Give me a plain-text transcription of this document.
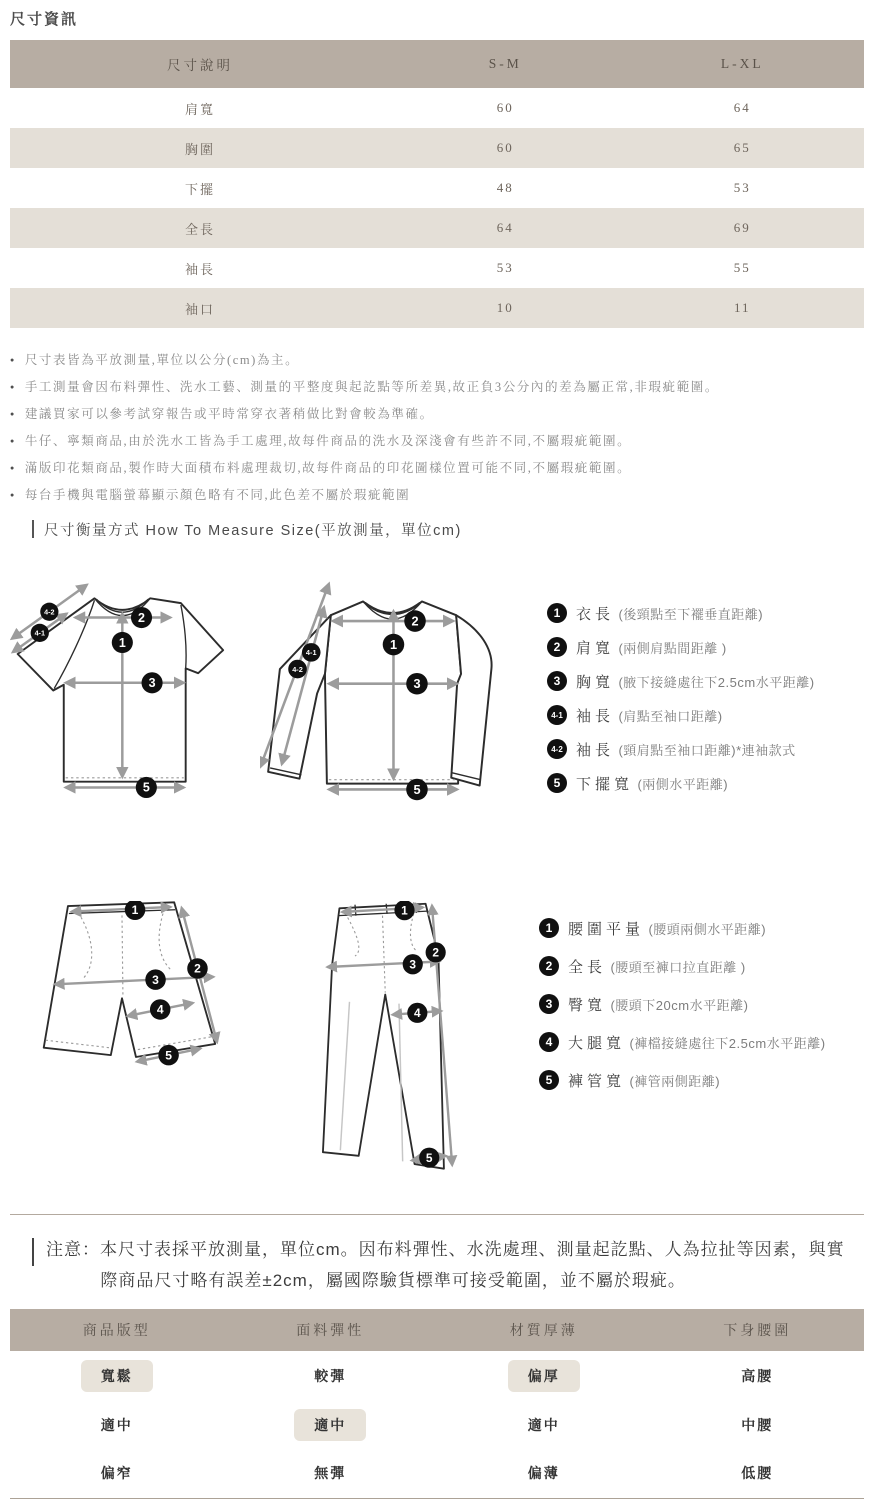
尺寸資訊
尺寸說明	S-M	L-XL
肩寬	60	64
胸圍	60	65
下擺	48	53
全長	64	69
袖長	53	55
袖口	10	11
● 尺寸表皆為平放測量,單位以公分(cm)為主。
● 手工測量會因布料彈性、洗水工藝、測量的平整度與起訖點等所差異,故正負3公分內的差為屬正常,非瑕疵範圍。
● 建議買家可以參考試穿報告或平時常穿衣著稍做比對會較為準確。
● 牛仔、寧類商品,由於洗水工皆為手工處理,故每件商品的洗水及深淺會有些許不同,不屬瑕疵範圍。
● 滿版印花類商品,製作時大面積布料處理裁切,故每件商品的印花圖樣位置可能不同,不屬瑕疵範圍。
● 每台手機與電腦螢幕顯示顏色略有不同,此色差不屬於瑕疵範圍
尺寸衡量方式 How To Measure Size(平放測量，單位cm)
2
1
3
5
4-2
4-1
2
1
3
5
4-1
4-2
1	衣長
(後頸點至下襬垂直距離)
2	肩寬
(兩側肩點間距離 )
3	胸寬
(腋下接縫處往下2.5cm水平距離)
4-1 袖長
(肩點至袖口距離)
4-2 袖長
(頸肩點至袖口距離)*連袖款式
5	下擺寬
(兩側水平距離)
1
2
3
4
5
1
2
3
4
5
1	腰圍平量
(腰頭兩側水平距離)
2	全長
(腰頭至褲口拉直距離 )
3	臀寬
(腰頭下20cm水平距離)
4	大腿寬
(褲檔接縫處往下2.5cm水平距離)
5	褲管寬
(褲管兩側距離)

注意：本尺寸表採平放測量，單位cm。因布料彈性、水洗處理、測量起訖點、人為拉扯等因素，與實際商品尺寸略有誤差±2cm，屬國際驗貨標準可接受範圍，並不屬於瑕疵。

商品版型	面料彈性	材質厚薄	下身腰圍
寬鬆	較彈	偏厚	高腰
適中	適中	適中	中腰
偏窄	無彈	偏薄	低腰
